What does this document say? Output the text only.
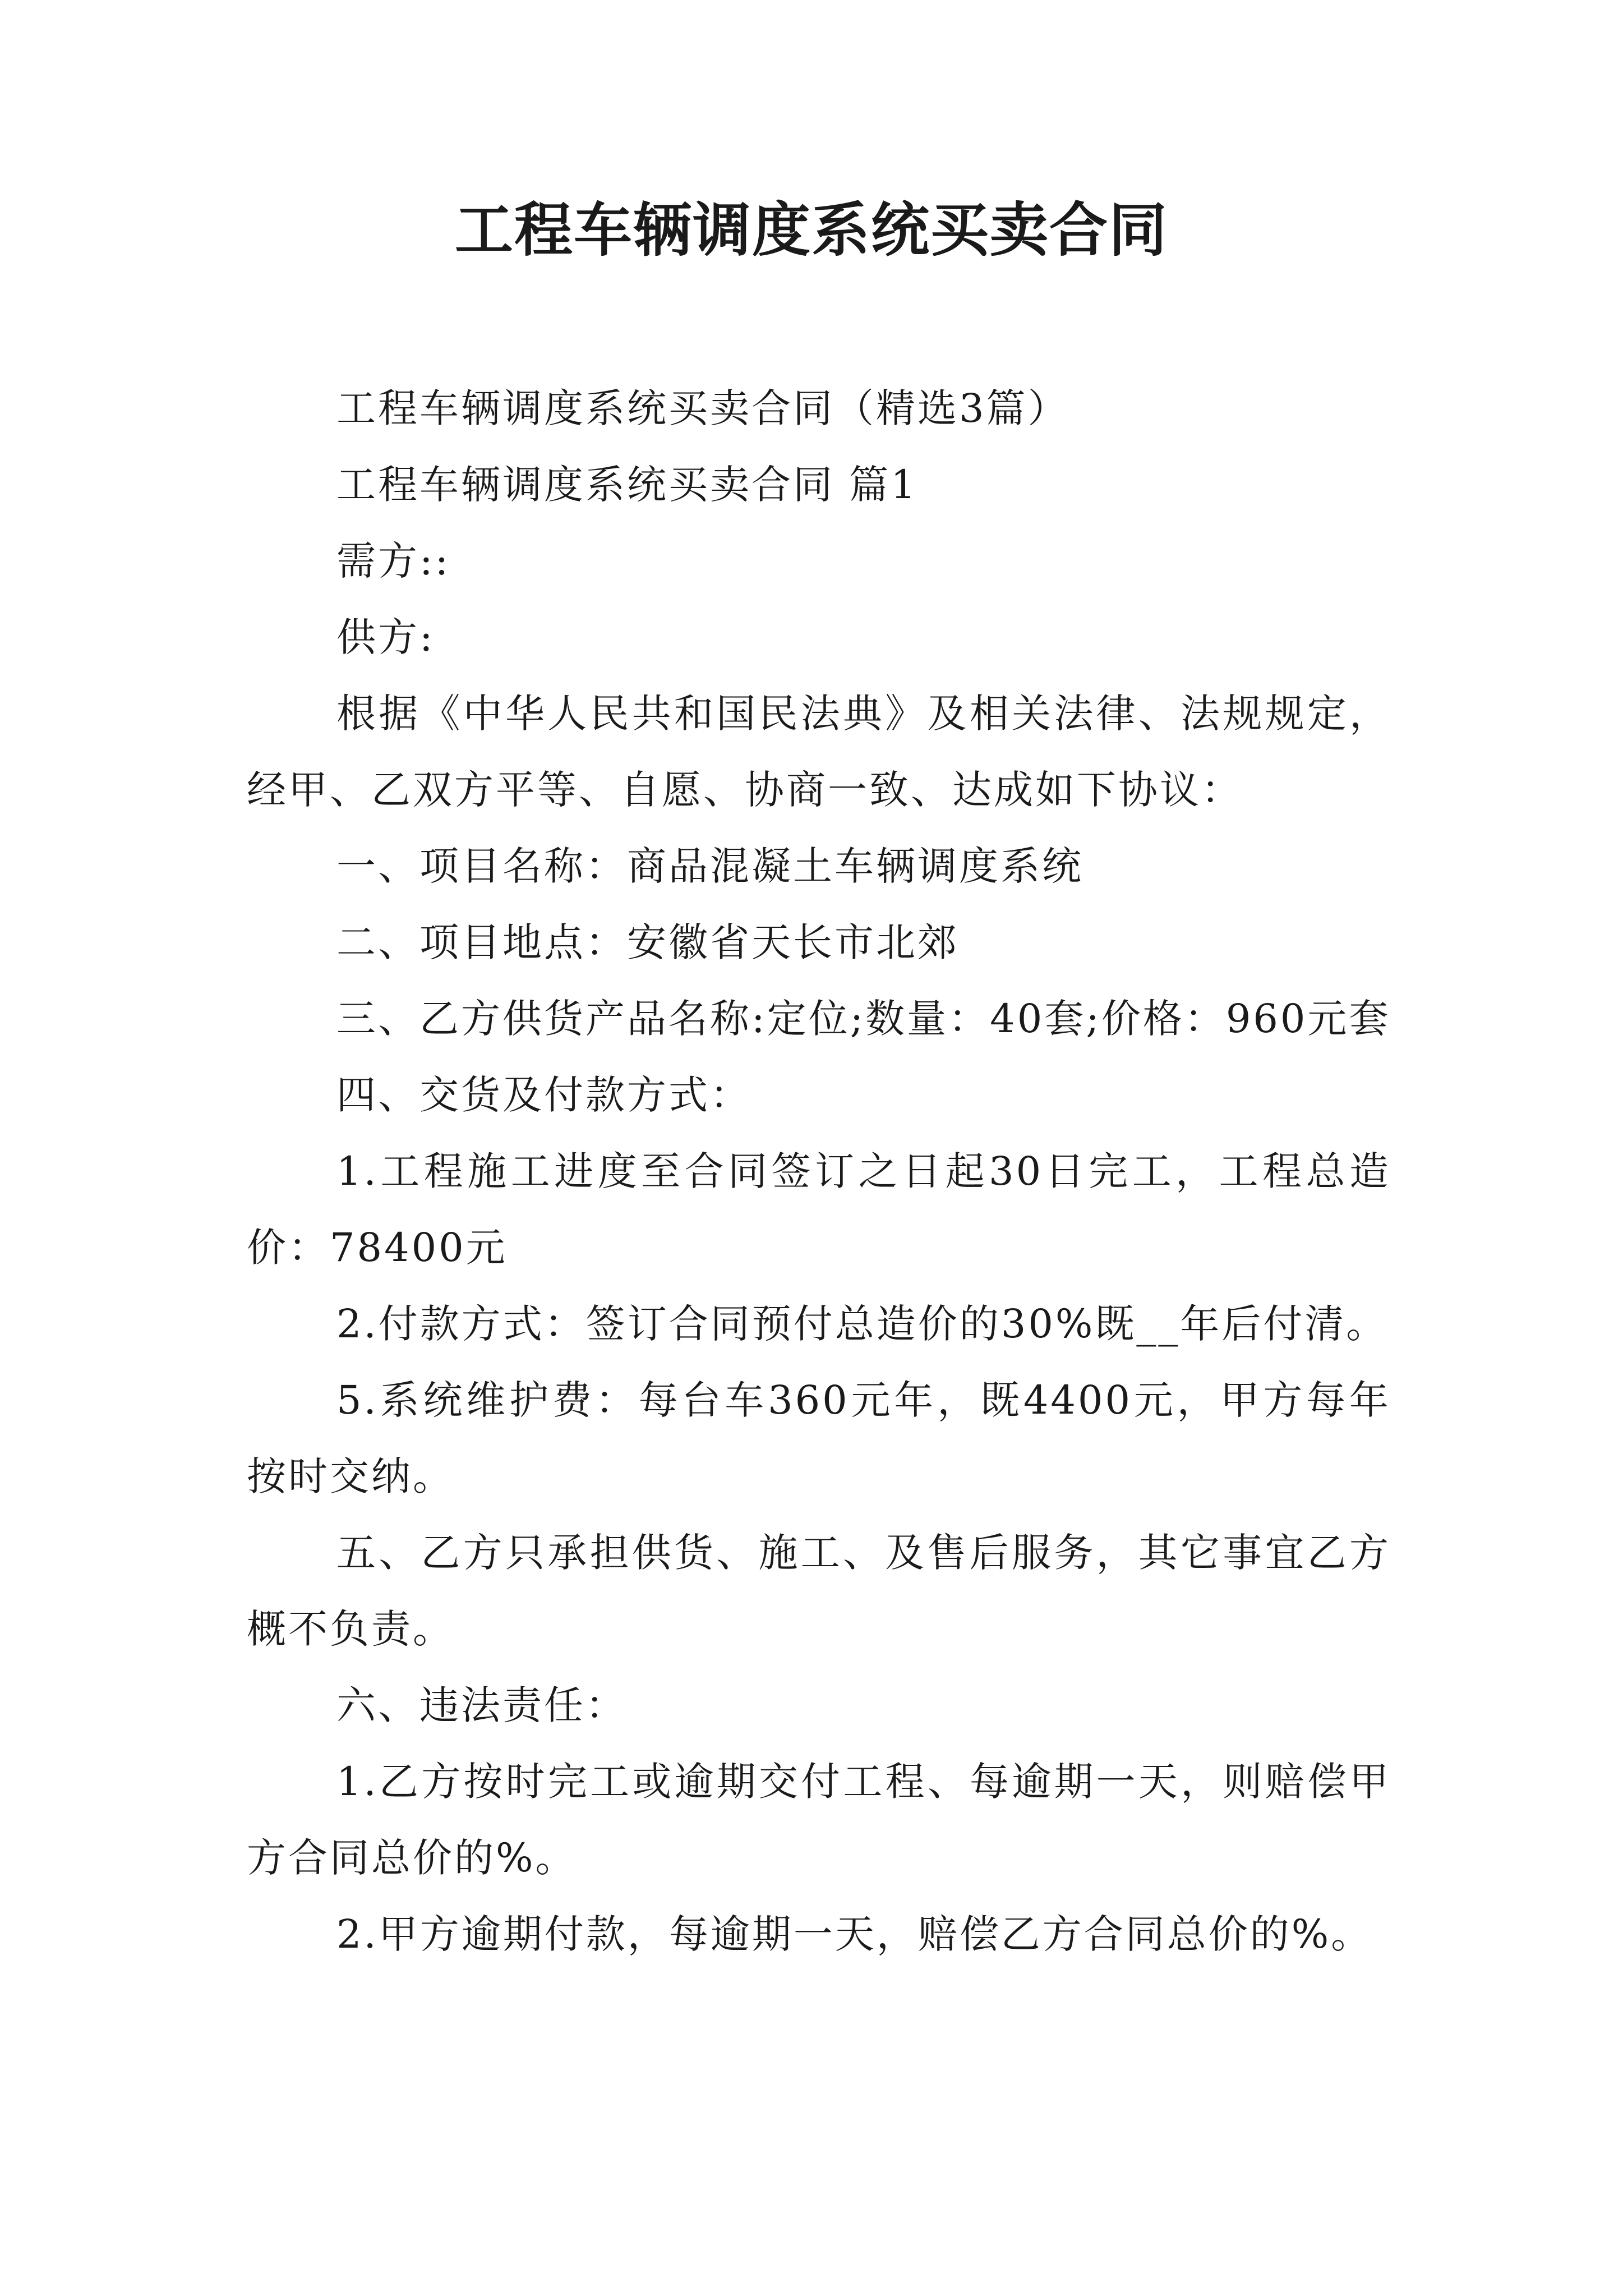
工程车辆调度系统买卖合同

工程车辆调度系统买卖合同（精选3篇）

工程车辆调度系统买卖合同 篇1

需方::

供方:

根据《中华人民共和国民法典》及相关法律、法规规定，经甲、乙双方平等、自愿、协商一致、达成如下协议：

一、项目名称：商品混凝土车辆调度系统

二、项目地点：安徽省天长市北郊

三、乙方供货产品名称:定位;数量：40套;价格：960元套

四、交货及付款方式：

1.工程施工进度至合同签订之日起30日完工，工程总造价：78400元

2.付款方式：签订合同预付总造价的30%既__年后付清。

5.系统维护费：每台车360元年，既4400元，甲方每年按时交纳。

五、乙方只承担供货、施工、及售后服务，其它事宜乙方概不负责。

六、违法责任：

1.乙方按时完工或逾期交付工程、每逾期一天，则赔偿甲方合同总价的%。

2.甲方逾期付款，每逾期一天，赔偿乙方合同总价的%。
